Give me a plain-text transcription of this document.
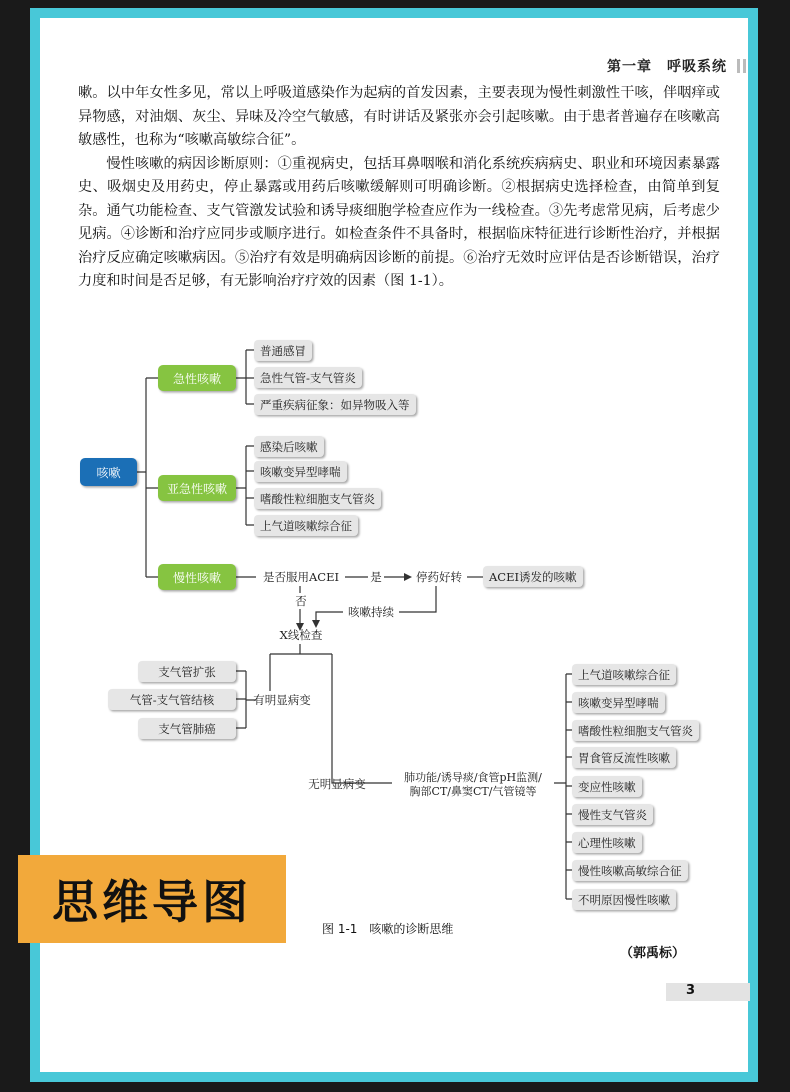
第一章　呼吸系统

嗽。以中年女性多见，常以上呼吸道感染作为起病的首发因素，主要表现为慢性刺激性干咳，伴咽痒或异物感，对油烟、灰尘、异味及冷空气敏感，有时讲话及紧张亦会引起咳嗽。由于患者普遍存在咳嗽高敏感性，也称为“咳嗽高敏综合征”。

慢性咳嗽的病因诊断原则：①重视病史，包括耳鼻咽喉和消化系统疾病病史、职业和环境因素暴露史、吸烟史及用药史，停止暴露或用药后咳嗽缓解则可明确诊断。②根据病史选择检查，由简单到复杂。通气功能检查、支气管激发试验和诱导痰细胞学检查应作为一线检查。③先考虑常见病，后考虑少见病。④诊断和治疗应同步或顺序进行。如检查条件不具备时，根据临床特征进行诊断性治疗，并根据治疗反应确定咳嗽病因。⑤治疗有效是明确病因诊断的前提。⑥治疗无效时应评估是否诊断错误，治疗力度和时间是否足够，有无影响治疗疗效的因素（图 1-1）。

咳嗽
急性咳嗽
普通感冒
急性气管-支气管炎
严重疾病征象：如异物吸入等
亚急性咳嗽
感染后咳嗽
咳嗽变异型哮喘
嗜酸性粒细胞支气管炎
上气道咳嗽综合征
慢性咳嗽	是否服用ACEI	是	停药好转	ACEI诱发的咳嗽
否
咳嗽持续
X线检查
有明显病变
支气管扩张
气管-支气管结核
支气管肺癌
无明显病变	肺功能/诱导痰/食管pH监测/
胸部CT/鼻窦CT/气管镜等
上气道咳嗽综合征
咳嗽变异型哮喘
嗜酸性粒细胞支气管炎
胃食管反流性咳嗽
变应性咳嗽
慢性支气管炎
心理性咳嗽
慢性咳嗽高敏综合征
不明原因慢性咳嗽
思维导图	图 1-1　咳嗽的诊断思维
（郭禹标）
3
